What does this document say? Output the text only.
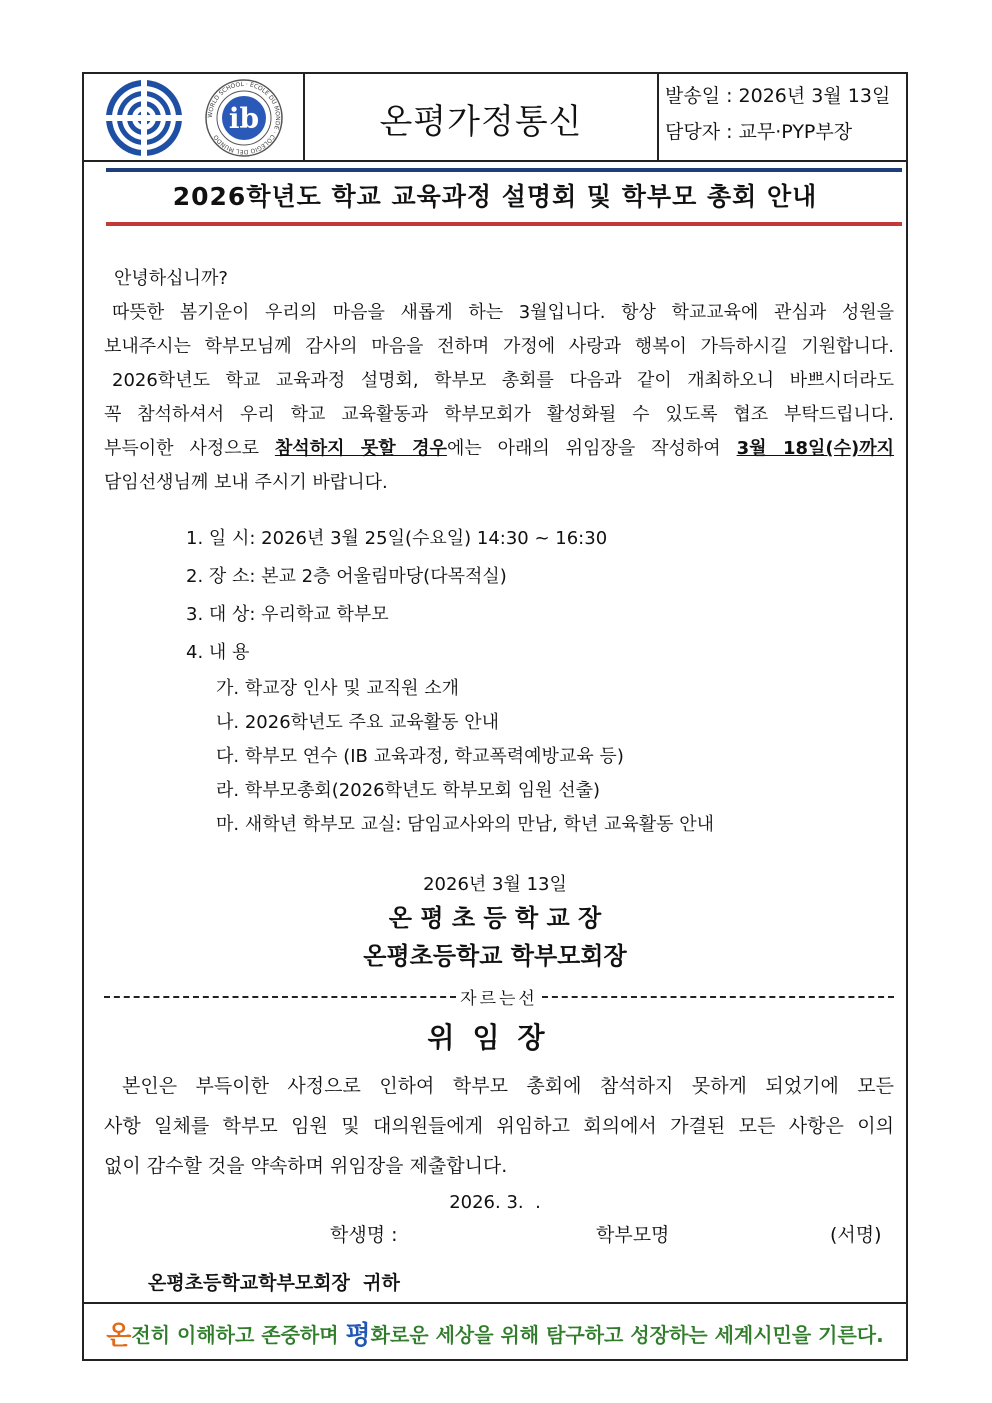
WORLD SCHOOL · ÉCOLE DU MONDE · COLEGIO DEL MUNDO
ib	온평가정통신
발송일 : 2026년 3월 13일
담당자 : 교무·PYP부장
2026학년도 학교 교육과정 설명회 및 학부모 총회 안내
안녕하십니까?
따뜻한 봄기운이 우리의 마음을 새롭게 하는 3월입니다. 항상 학교교육에 관심과 성원을
보내주시는 학부모님께 감사의 마음을 전하며 가정에 사랑과 행복이 가득하시길 기원합니다.
2026학년도 학교 교육과정 설명회, 학부모 총회를 다음과 같이 개최하오니 바쁘시더라도
꼭 참석하셔서 우리 학교 교육활동과 학부모회가 활성화될 수 있도록 협조 부탁드립니다.
부득이한 사정으로 참석하지 못할 경우에는 아래의 위임장을 작성하여 3월 18일(수)까지
담임선생님께 보내 주시기 바랍니다.
1. 일 시: 2026년 3월 25일(수요일) 14:30 ~ 16:30
2. 장 소: 본교 2층 어울림마당(다목적실)
3. 대 상: 우리학교 학부모
4. 내 용
가. 학교장 인사 및 교직원 소개
나. 2026학년도 주요 교육활동 안내
다. 학부모 연수 (IB 교육과정, 학교폭력예방교육 등)
라. 학부모총회(2026학년도 학부모회 임원 선출)
마. 새학년 학부모 교실: 담임교사와의 만남, 학년 교육활동 안내
2026년 3월 13일
온 평 초 등 학 교 장
온평초등학교 학부모회장
자르는선
위임장
본인은 부득이한 사정으로 인하여 학부모 총회에 참석하지 못하게 되었기에 모든
사항 일체를 학부모 임원 및 대의원들에게 위임하고 회의에서 가결된 모든 사항은 이의
없이 감수할 것을 약속하며 위임장을 제출합니다.
2026. 3.  .
학생명 :	학부모명	(서명)
온평초등학교학부모회장  귀하
온 전히 이해하고 존중하며 평 화로운 세상을 위해 탐구하고 성장하는 세계시민을 기른다.
